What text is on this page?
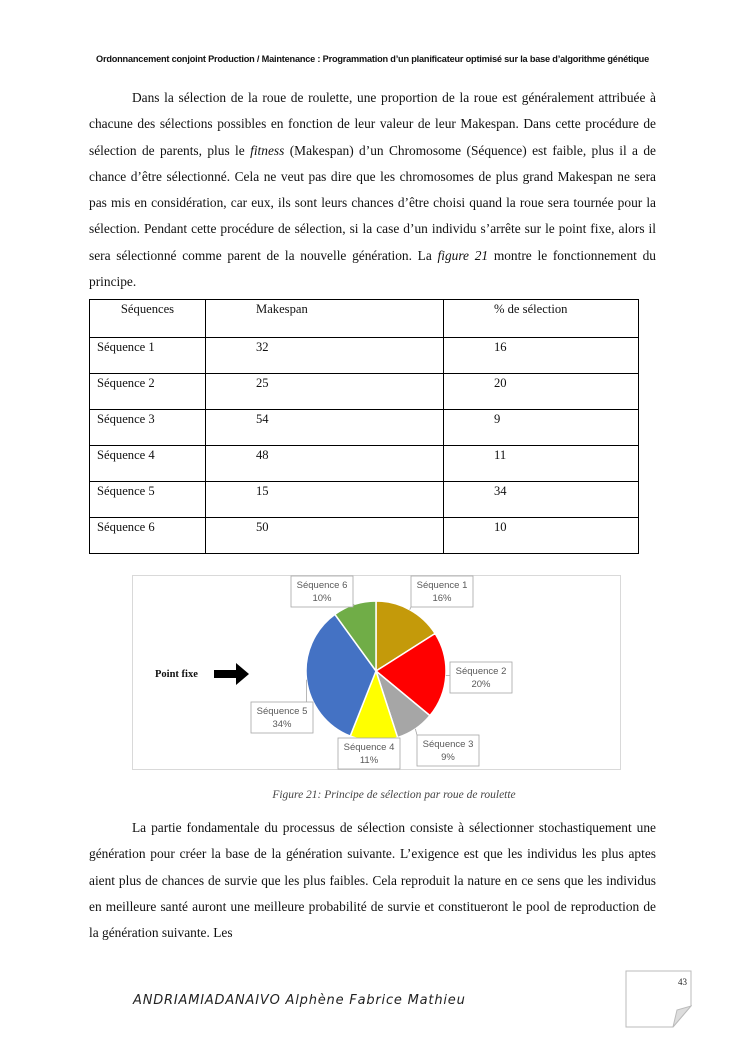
Ordonnancement conjoint Production / Maintenance : Programmation d’un planificateur optimisé sur la base d’algorithme génétique

Dans la sélection de la roue de roulette, une proportion de la roue est généralement attribuée à chacune des sélections possibles en fonction de leur valeur de leur Makespan. Dans cette procédure de sélection de parents, plus le fitness (Makespan) d’un Chromosome (Séquence) est faible, plus il a de chance d’être sélectionné. Cela ne veut pas dire que les chromosomes de plus grand Makespan ne sera pas mis en considération, car eux, ils sont leurs chances d’être choisi quand la roue sera tournée pour la sélection. Pendant cette procédure de sélection, si la case d’un individu s’arrête sur le point fixe, alors il sera sélectionné comme parent de la nouvelle génération. La figure 21 montre le fonctionnement du principe.

Séquences	Makespan	% de sélection
Séquence 1	32	16
Séquence 2	25	20
Séquence 3	54	9
Séquence 4	48	11
Séquence 5	15	34
Séquence 6	50	10
Séquence 1
16%
Séquence 2
20%
Séquence 3
9%
Séquence 4
11%
Séquence 5
34%
Séquence 6
10%
Point fixe
Figure 21: Principe de sélection par roue de roulette

La partie fondamentale du processus de sélection consiste à sélectionner stochastiquement une génération pour créer la base de la génération suivante. L’exigence est que les individus les plus aptes aient plus de chances de survie que les plus faibles. Cela reproduit la nature en ce sens que les individus en meilleure santé auront une meilleure probabilité de survie et constitueront le pool de reproduction de la génération suivante. Les

ANDRIAMIADANAIVO Alphène Fabrice Mathieu
43
